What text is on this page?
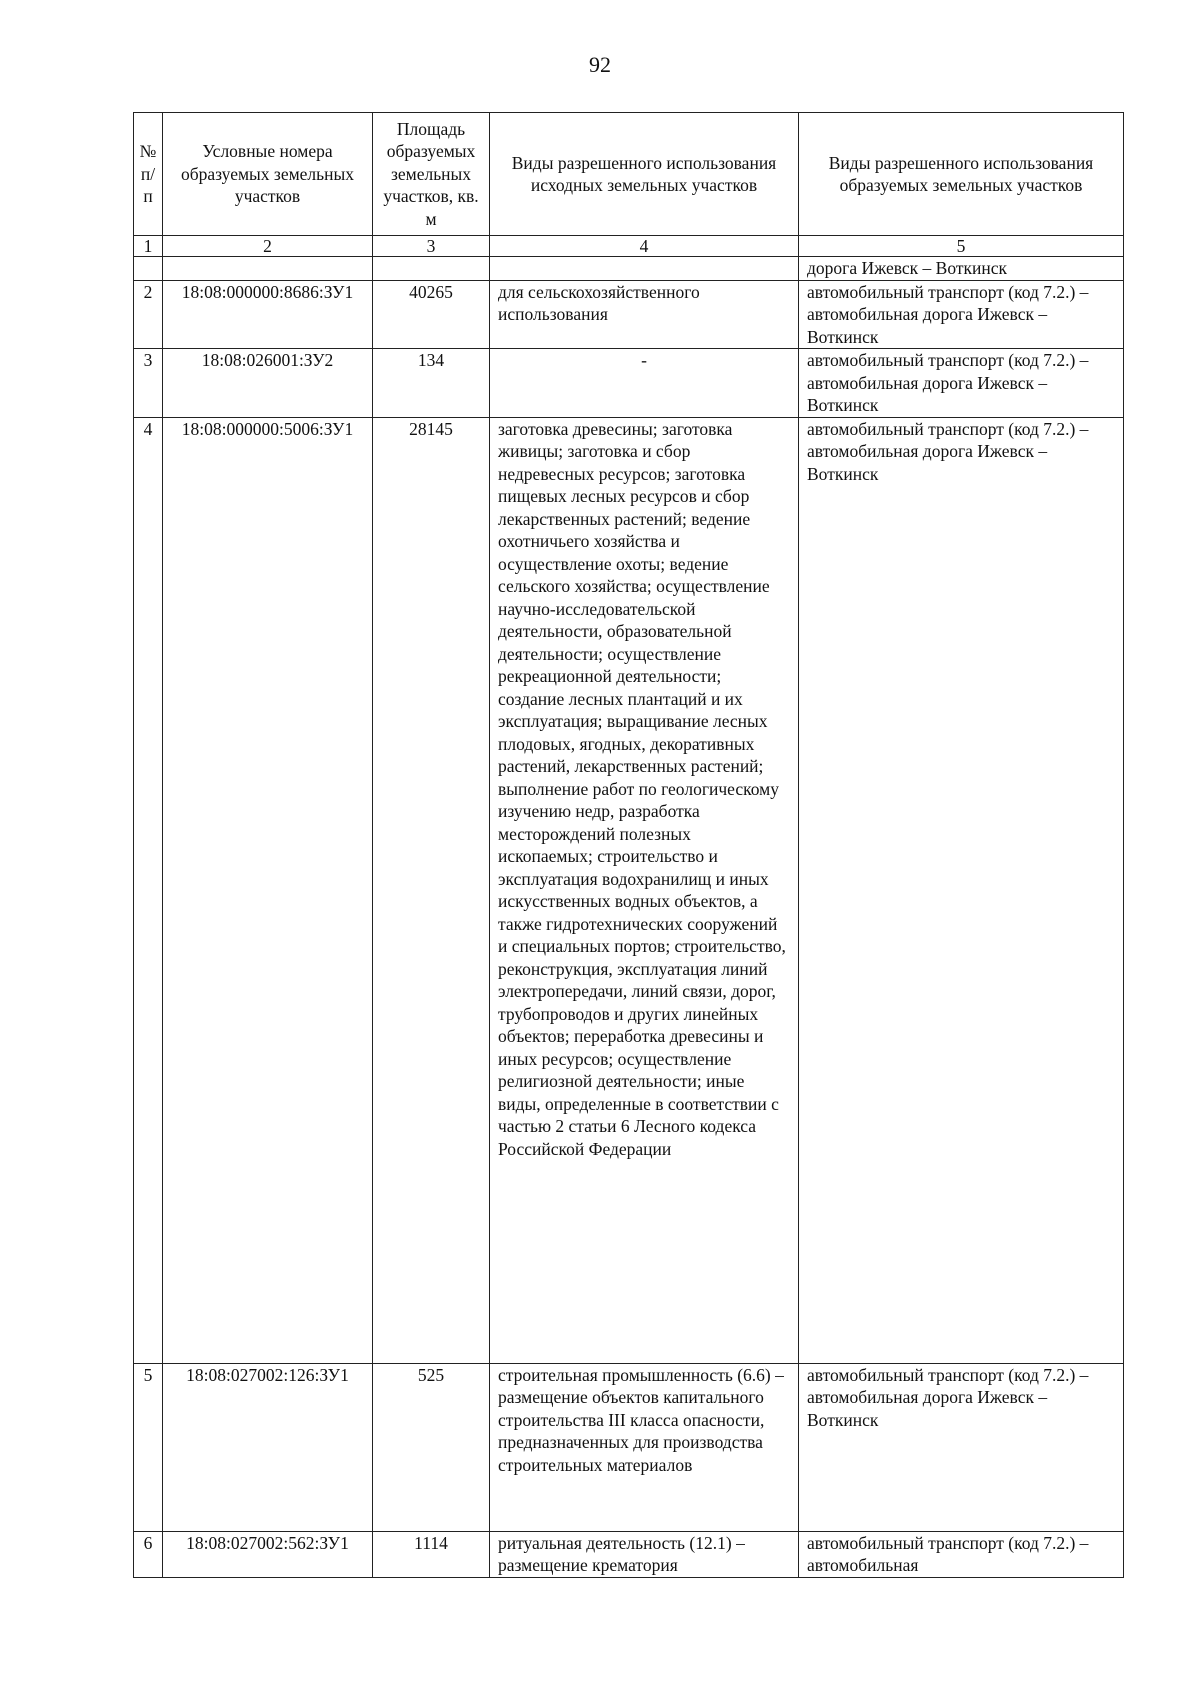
92
№ п/п	Условные номера образуемых земельных участков	Площадь образуемых земельных участков, кв. м	Виды разрешенного использования исходных земельных участков	Виды разрешенного использования образуемых земельных участков
1	2	3	4	5
				дорога Ижевск – Воткинск
2	18:08:000000:8686:ЗУ1	40265	для сельскохозяйственного использования	автомобильный транспорт (код 7.2.) – автомобильная дорога Ижевск – Воткинск
3	18:08:026001:ЗУ2	134	-	автомобильный транспорт (код 7.2.) – автомобильная дорога Ижевск – Воткинск
4	18:08:000000:5006:ЗУ1	28145	заготовка древесины; заготовка живицы; заготовка и сбор недревесных ресурсов; заготовка пищевых лесных ресурсов и сбор лекарственных растений; ведение охотничьего хозяйства и осуществление охоты; ведение сельского хозяйства; осуществление научно-исследовательской деятельности, образовательной деятельности; осуществление рекреационной деятельности; создание лесных плантаций и их эксплуатация; выращивание лесных плодовых, ягодных, декоративных растений, лекарственных растений; выполнение работ по геологическому изучению недр, разработка месторождений полезных ископаемых; строительство и эксплуатация водохранилищ и иных искусственных водных объектов, а также гидротехнических сооружений и специальных портов; строительство, реконструкция, эксплуатация линий электропередачи, линий связи, дорог, трубопроводов и других линейных объектов; переработка древесины и иных ресурсов; осуществление религиозной деятельности; иные виды, определенные в соответствии с частью 2 статьи 6 Лесного кодекса Российской Федерации	автомобильный транспорт (код 7.2.) – автомобильная дорога Ижевск – Воткинск
5	18:08:027002:126:ЗУ1	525	строительная промышленность (6.6) – размещение объектов капитального строительства III класса опасности, предназначенных для производства строительных материалов	автомобильный транспорт (код 7.2.) – автомобильная дорога Ижевск – Воткинск
6	18:08:027002:562:ЗУ1	1114	ритуальная деятельность (12.1) – размещение крематория	автомобильный транспорт (код 7.2.) – автомобильная
